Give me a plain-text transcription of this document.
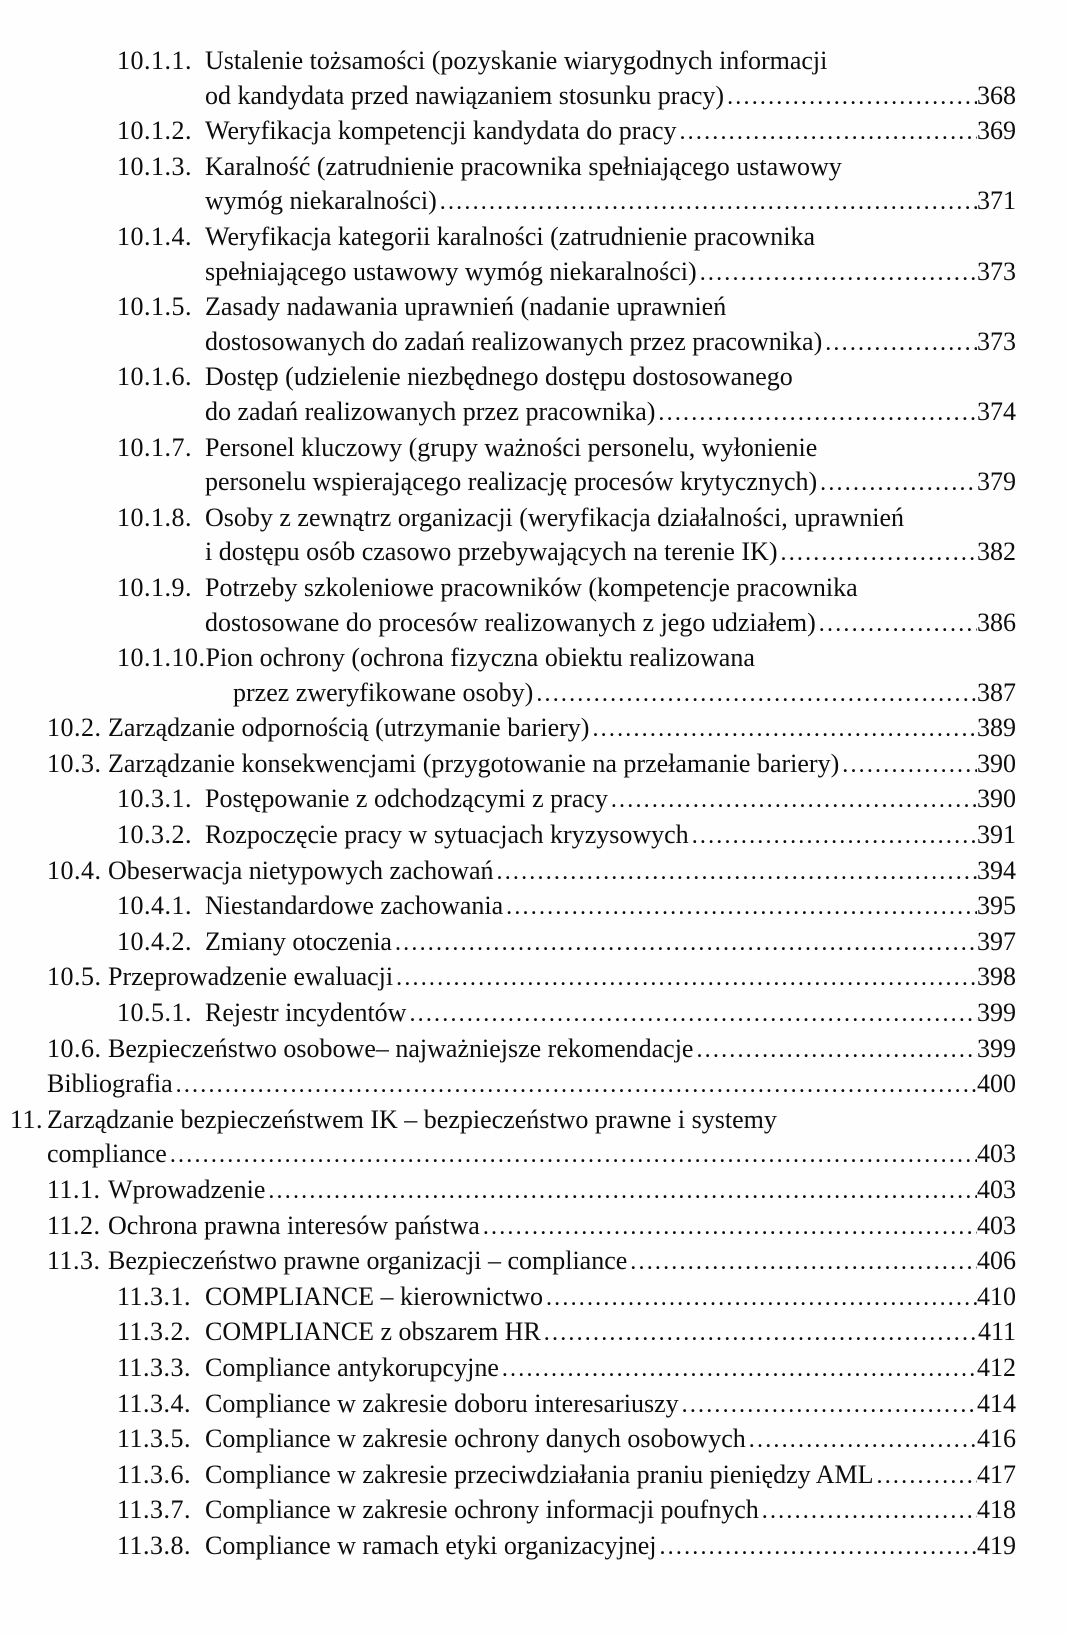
10.1.1. Ustalenie tożsamości (pozyskanie wiarygodnych informacji
od kandydata przed nawiązaniem stosunku pracy) .....	368
10.1.2. Weryfikacja kompetencji kandydata do pracy .....	369
10.1.3. Karalność (zatrudnienie pracownika spełniającego ustawowy
wymóg niekaralności) .....	371
10.1.4. Weryfikacja kategorii karalności (zatrudnienie pracownika
spełniającego ustawowy wymóg niekaralności) .....	373
10.1.5. Zasady nadawania uprawnień (nadanie uprawnień
dostosowanych do zadań realizowanych przez pracownika) .....	373
10.1.6. Dostęp (udzielenie niezbędnego dostępu dostosowanego
do zadań realizowanych przez pracownika) .....	374
10.1.7. Personel kluczowy (grupy ważności personelu, wyłonienie
personelu wspierającego realizację procesów krytycznych) .....	379
10.1.8. Osoby z zewnątrz organizacji (weryfikacja działalności, uprawnień
i dostępu osób czasowo przebywających na terenie IK) .....	382
10.1.9. Potrzeby szkoleniowe pracowników (kompetencje pracownika
dostosowane do procesów realizowanych z jego udziałem) .....	386
10.1.10. Pion ochrony (ochrona fizyczna obiektu realizowana
przez zweryfikowane osoby) .....	387
10.2. Zarządzanie odpornością (utrzymanie bariery) .....	389
10.3. Zarządzanie konsekwencjami (przygotowanie na przełamanie bariery) .....	390
10.3.1. Postępowanie z odchodzącymi z pracy .....	390
10.3.2. Rozpoczęcie pracy w sytuacjach kryzysowych .....	391
10.4. Obeserwacja nietypowych zachowań .....	394
10.4.1. Niestandardowe zachowania .....	395
10.4.2. Zmiany otoczenia .....	397
10.5. Przeprowadzenie ewaluacji .....	398
10.5.1. Rejestr incydentów .....	399
10.6. Bezpieczeństwo osobowe– najważniejsze rekomendacje .....	399
Bibliografia .....	400
11. Zarządzanie bezpieczeństwem IK – bezpieczeństwo prawne i systemy
compliance .....	403
11.1. Wprowadzenie .....	403
11.2. Ochrona prawna interesów państwa .....	403
11.3. Bezpieczeństwo prawne organizacji – compliance .....	406
11.3.1. COMPLIANCE – kierownictwo .....	410
11.3.2. COMPLIANCE z obszarem HR .....	411
11.3.3. Compliance antykorupcyjne .....	412
11.3.4. Compliance w zakresie doboru interesariuszy .....	414
11.3.5. Compliance w zakresie ochrony danych osobowych .....	416
11.3.6. Compliance w zakresie przeciwdziałania praniu pieniędzy AML .....	417
11.3.7. Compliance w zakresie ochrony informacji poufnych .....	418
11.3.8. Compliance w ramach etyki organizacyjnej .....	419
